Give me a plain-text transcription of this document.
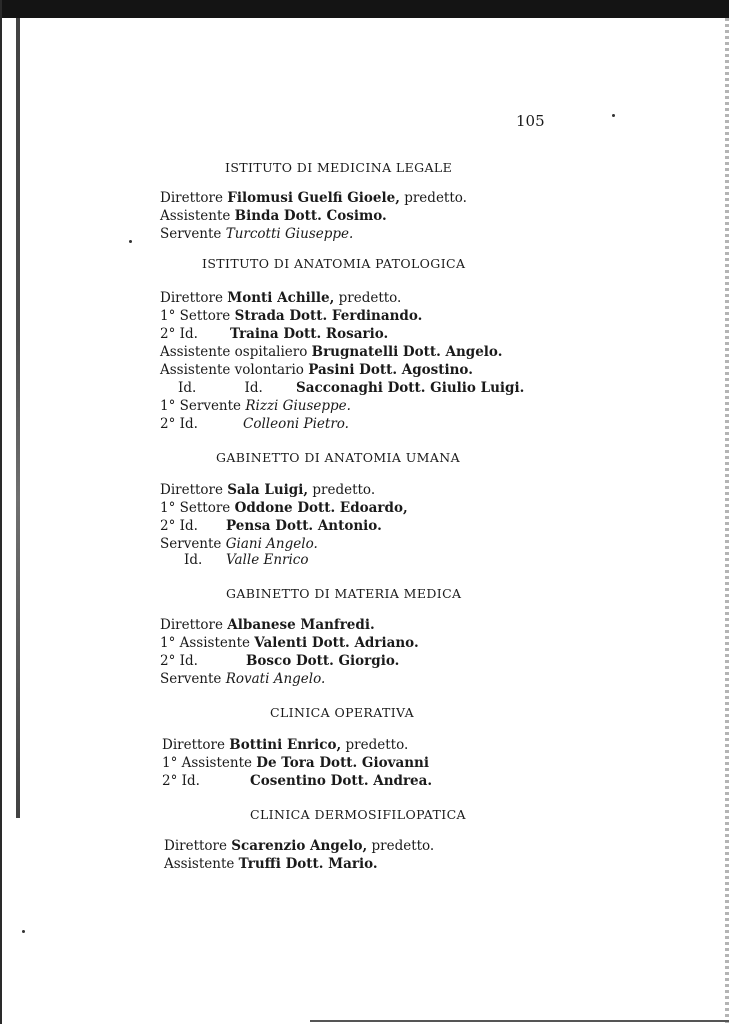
105
ISTITUTO DI MEDICINA LEGALE
Direttore Filomusi Guelfi Gioele, predetto.
Assistente Binda Dott. Cosimo.
Servente Turcotti Giuseppe.
ISTITUTO DI ANATOMIA PATOLOGICA
Direttore Monti Achille, predetto.
1° Settore Strada Dott. Ferdinando.
2° Id.Traina Dott. Rosario.
Assistente ospitaliero Brugnatelli Dott. Angelo.
Assistente volontario Pasini Dott. Agostino.
Id. Id.Sacconaghi Dott. Giulio Luigi.
1° Servente Rizzi Giuseppe.
2° Id.	Colleoni Pietro.
GABINETTO DI ANATOMIA UMANA
Direttore Sala Luigi, predetto.
1° Settore Oddone Dott. Edoardo,
2° Id.Pensa Dott. Antonio.
Servente Giani Angelo.
Id.Valle Enrico
GABINETTO DI MATERIA MEDICA
Direttore Albanese Manfredi.
1° Assistente Valenti Dott. Adriano.
2° Id.	Bosco Dott. Giorgio.
Servente Rovati Angelo.
CLINICA OPERATIVA
Direttore Bottini Enrico, predetto.
1° Assistente De Tora Dott. Giovanni
2° Id.	Cosentino Dott. Andrea.
CLINICA DERMOSIFILOPATICA
Direttore Scarenzio Angelo, predetto.
Assistente Truffi Dott. Mario.
